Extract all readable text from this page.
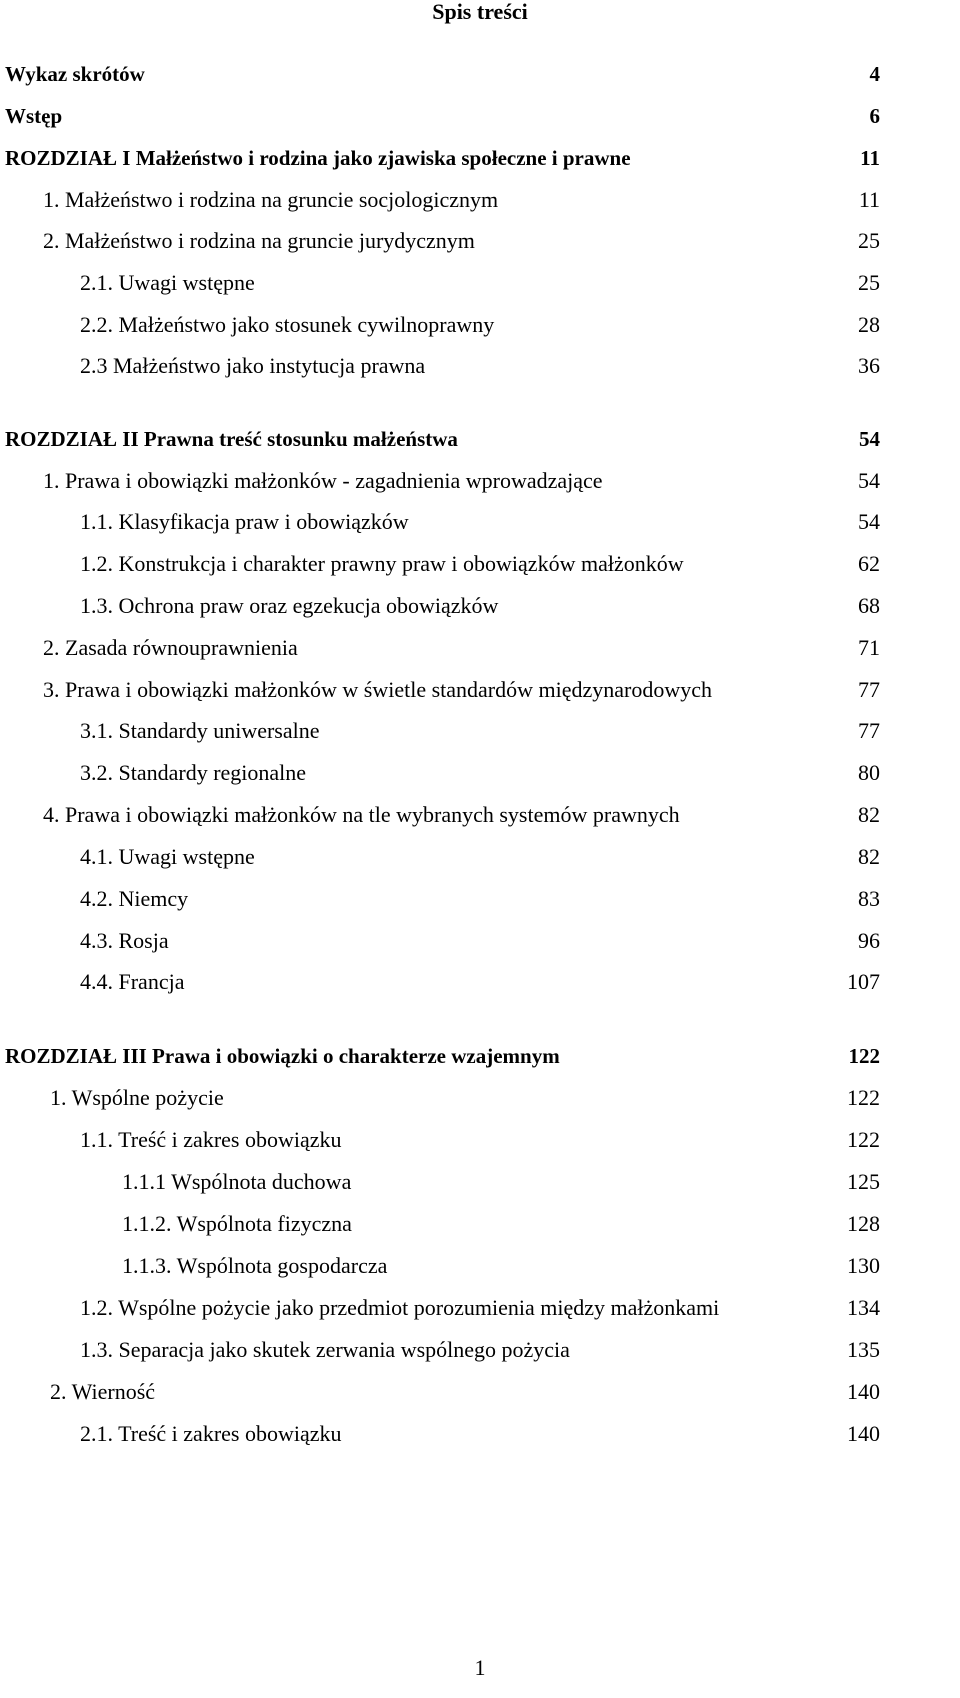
Spis treści
Wykaz skrótów	4
Wstęp	6
ROZDZIAŁ I Małżeństwo i rodzina jako zjawiska społeczne i prawne	11
1. Małżeństwo i rodzina na gruncie socjologicznym	11
2. Małżeństwo i rodzina na gruncie jurydycznym	25
2.1. Uwagi wstępne	25
2.2. Małżeństwo jako stosunek cywilnoprawny	28
2.3 Małżeństwo jako instytucja prawna	36
ROZDZIAŁ II Prawna treść stosunku małżeństwa	54
1. Prawa i obowiązki małżonków - zagadnienia wprowadzające	54
1.1. Klasyfikacja praw i obowiązków	54
1.2. Konstrukcja i charakter prawny praw i obowiązków małżonków	62
1.3. Ochrona praw oraz egzekucja obowiązków	68
2. Zasada równouprawnienia	71
3. Prawa i obowiązki małżonków w świetle standardów międzynarodowych	77
3.1. Standardy uniwersalne	77
3.2. Standardy regionalne	80
4. Prawa i obowiązki małżonków na tle wybranych systemów prawnych	82
4.1. Uwagi wstępne	82
4.2. Niemcy	83
4.3. Rosja	96
4.4. Francja	107
ROZDZIAŁ III Prawa i obowiązki o charakterze wzajemnym	122
1. Wspólne pożycie	122
1.1. Treść i zakres obowiązku	122
1.1.1 Wspólnota duchowa	125
1.1.2. Wspólnota fizyczna	128
1.1.3. Wspólnota gospodarcza	130
1.2. Wspólne pożycie jako przedmiot porozumienia między małżonkami	134
1.3. Separacja jako skutek zerwania wspólnego pożycia	135
2. Wierność	140
2.1. Treść i zakres obowiązku	140
1
